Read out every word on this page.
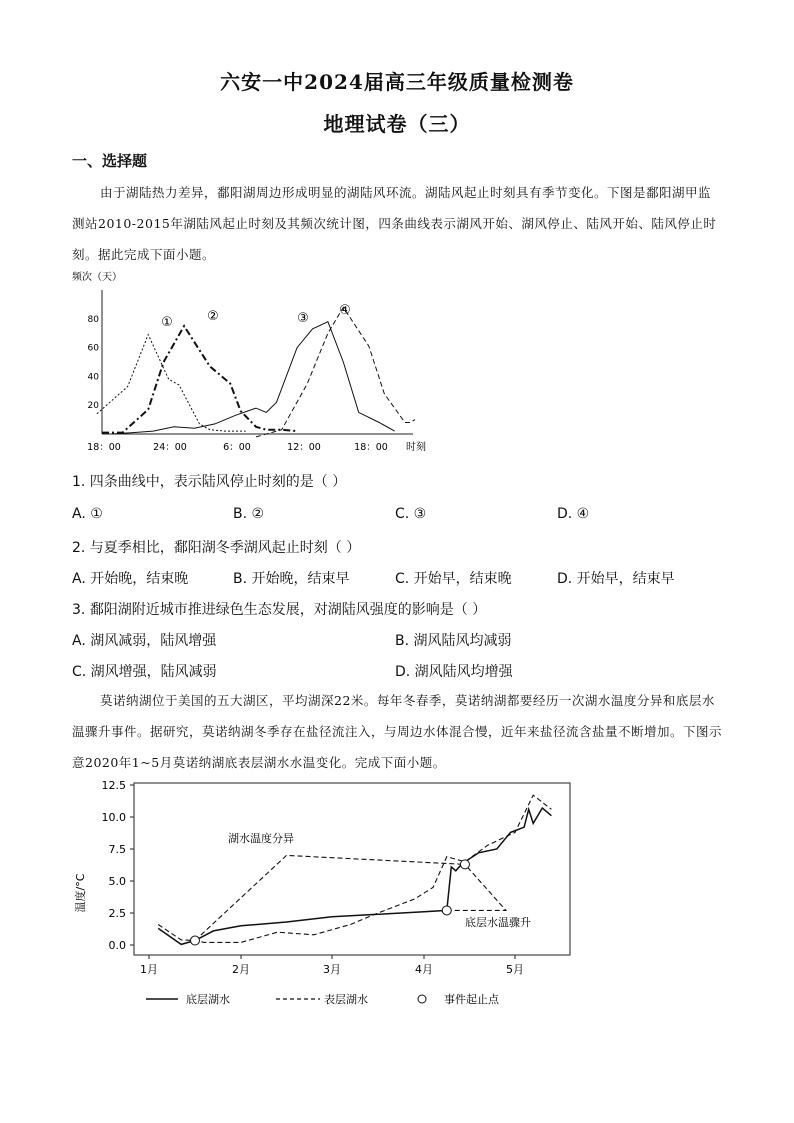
六安一中2024届高三年级质量检测卷
地理试卷（三）
一、选择题
由于湖陆热力差异，鄱阳湖周边形成明显的湖陆风环流。湖陆风起止时刻具有季节变化。下图是鄱阳湖甲监测站2010-2015年湖陆风起止时刻及其频次统计图，四条曲线表示湖风开始、湖风停止、陆风开始、陆风停止时刻。据此完成下面小题。
频次（天）
20
40
60
80
18：00	24：00	6：00	12：00	18：00 时刻
①	②	③
④
1. 四条曲线中，表示陆风停止时刻的是（ ）
A. ①	B. ②	C. ③	D. ④
2. 与夏季相比，鄱阳湖冬季湖风起止时刻（ ）
A. 开始晚，结束晚	B. 开始晚，结束早	C. 开始早，结束晚	D. 开始早，结束早
3. 鄱阳湖附近城市推进绿色生态发展，对湖陆风强度的影响是（ ）
A. 湖风减弱，陆风增强	B. 湖风陆风均减弱
C. 湖风增强，陆风减弱	D. 湖风陆风均增强
莫诺纳湖位于美国的五大湖区，平均湖深22米。每年冬春季，莫诺纳湖都要经历一次湖水温度分异和底层水温骤升事件。据研究，莫诺纳湖冬季存在盐径流注入，与周边水体混合慢，近年来盐径流含盐量不断增加。下图示意2020年1~5月莫诺纳湖底表层湖水水温变化。完成下面小题。
温度/°C
0.0
2.5
5.0
7.5
10.0
12.5
1月	2月	3月	4月	5月
湖水温度分异
底层水温骤升
底层湖水	表层湖水	事件起止点
